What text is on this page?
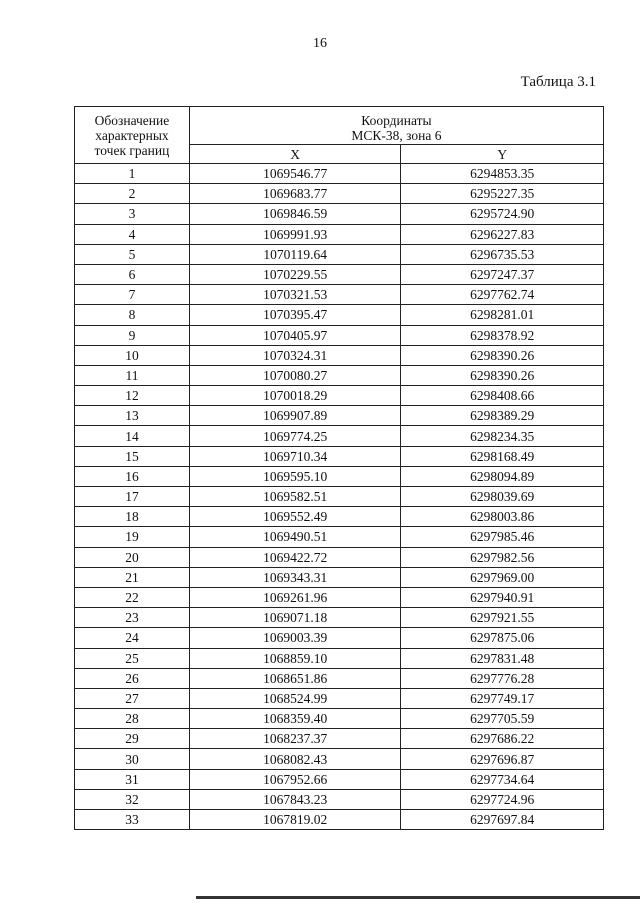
16
Таблица 3.1
Обозначение характерных точек границ	Координаты
МСК-38, зона 6	

	X	Y
1	1069546.77	6294853.35
2	1069683.77	6295227.35
3	1069846.59	6295724.90
4	1069991.93	6296227.83
5	1070119.64	6296735.53
6	1070229.55	6297247.37
7	1070321.53	6297762.74
8	1070395.47	6298281.01
9	1070405.97	6298378.92
10	1070324.31	6298390.26
11	1070080.27	6298390.26
12	1070018.29	6298408.66
13	1069907.89	6298389.29
14	1069774.25	6298234.35
15	1069710.34	6298168.49
16	1069595.10	6298094.89
17	1069582.51	6298039.69
18	1069552.49	6298003.86
19	1069490.51	6297985.46
20	1069422.72	6297982.56
21	1069343.31	6297969.00
22	1069261.96	6297940.91
23	1069071.18	6297921.55
24	1069003.39	6297875.06
25	1068859.10	6297831.48
26	1068651.86	6297776.28
27	1068524.99	6297749.17
28	1068359.40	6297705.59
29	1068237.37	6297686.22
30	1068082.43	6297696.87
31	1067952.66	6297734.64
32	1067843.23	6297724.96
33	1067819.02	6297697.84
